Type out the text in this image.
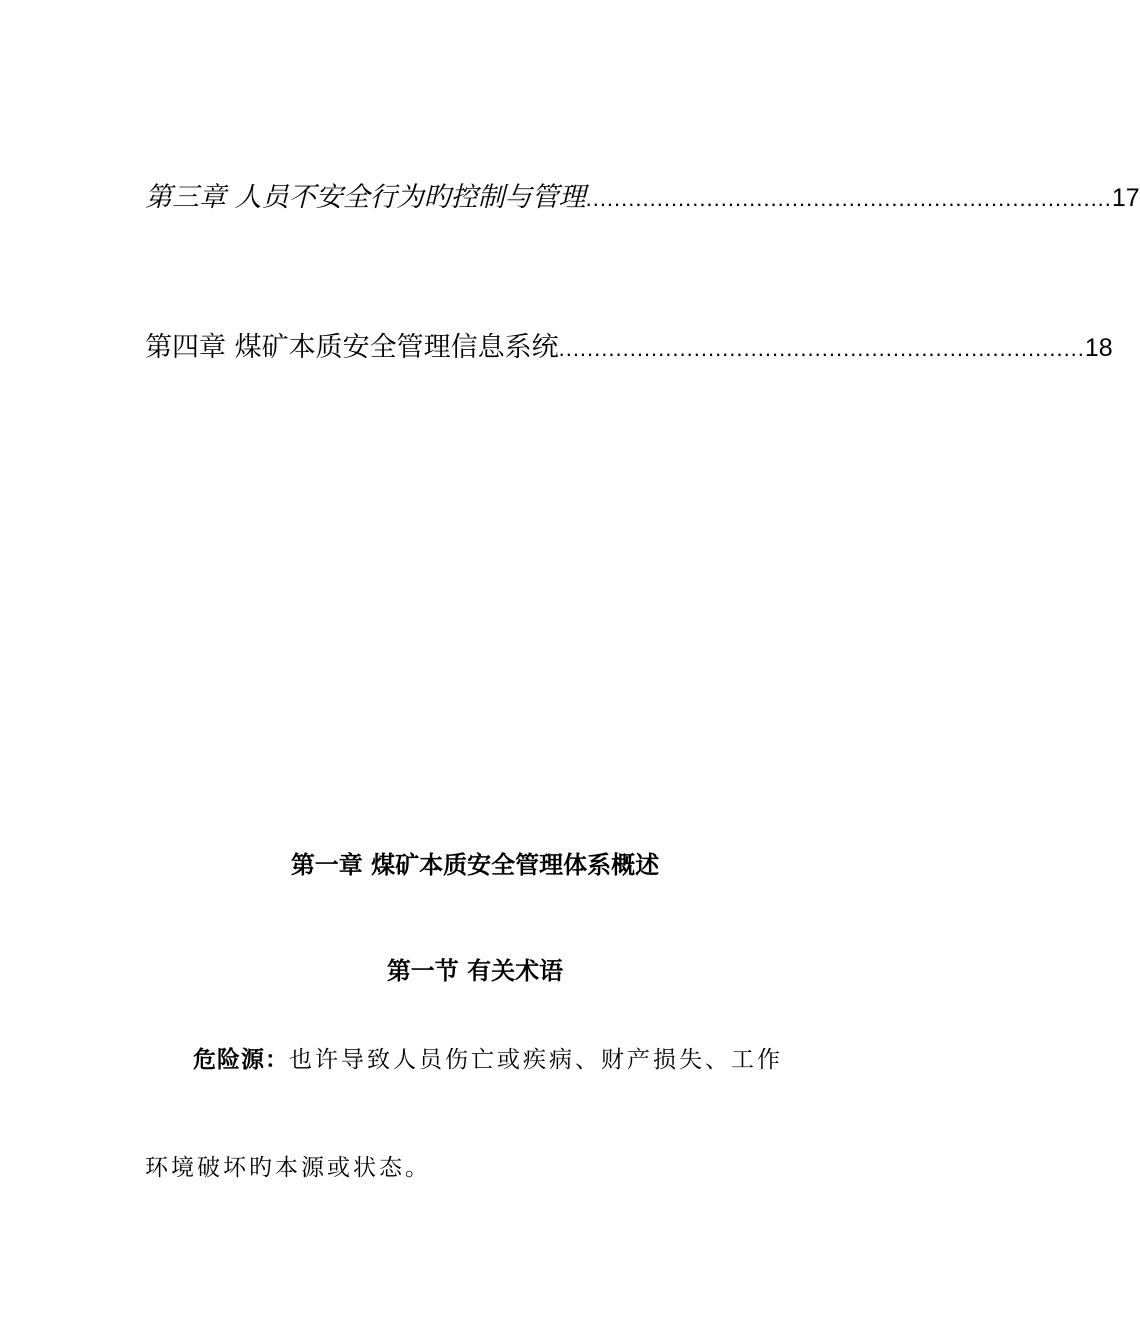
第三章 人员不安全行为旳控制与管理 .......................................................................... 17
第四章 煤矿本质安全管理信息系统 .......................................................................... 18
第一章 煤矿本质安全管理体系概述
第一节 有关术语
危险源：也许导致人员伤亡或疾病、财产损失、工作
环境破坏旳本源或状态。
